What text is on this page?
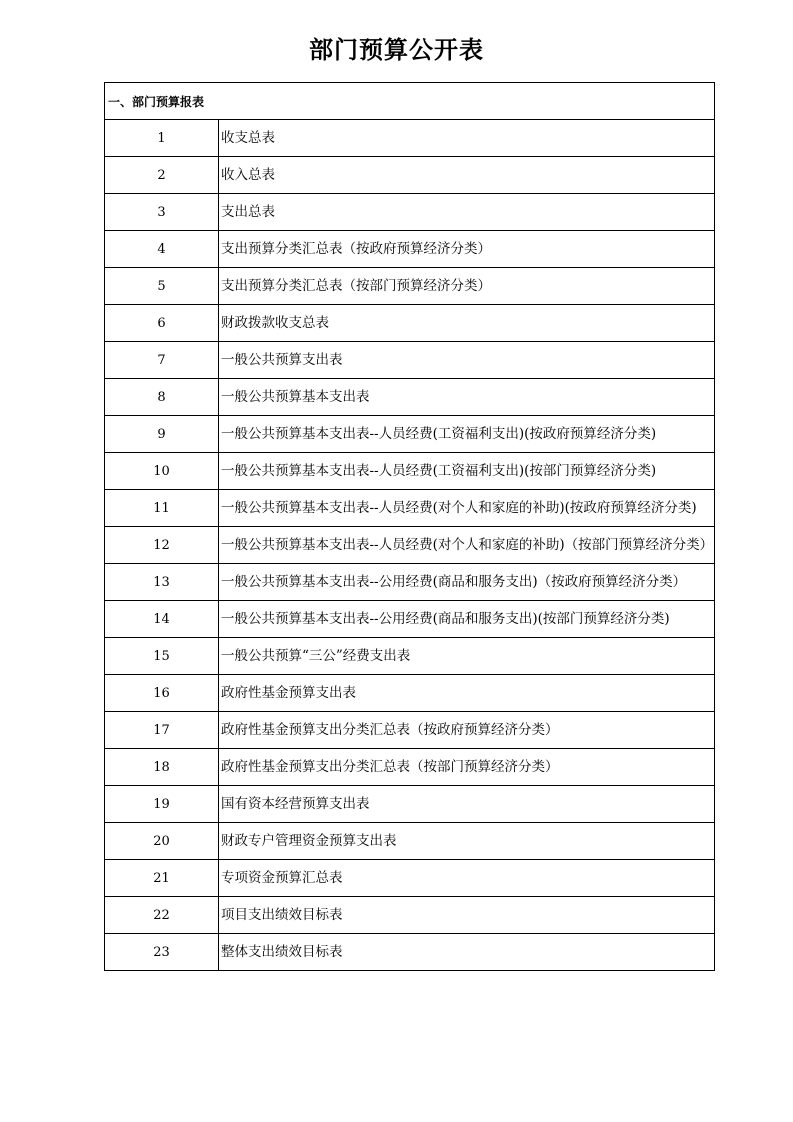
部门预算公开表
一、部门预算报表	
1	收支总表
2	收入总表
3	支出总表
4	支出预算分类汇总表（按政府预算经济分类）
5	支出预算分类汇总表（按部门预算经济分类）
6	财政拨款收支总表
7	一般公共预算支出表
8	一般公共预算基本支出表
9	一般公共预算基本支出表--人员经费(工资福利支出)(按政府预算经济分类)
10	一般公共预算基本支出表--人员经费(工资福利支出)(按部门预算经济分类)
11	一般公共预算基本支出表--人员经费(对个人和家庭的补助)(按政府预算经济分类)
12	一般公共预算基本支出表--人员经费(对个人和家庭的补助)（按部门预算经济分类）
13	一般公共预算基本支出表--公用经费(商品和服务支出)（按政府预算经济分类）
14	一般公共预算基本支出表--公用经费(商品和服务支出)(按部门预算经济分类)
15	一般公共预算“三公”经费支出表
16	政府性基金预算支出表
17	政府性基金预算支出分类汇总表（按政府预算经济分类）
18	政府性基金预算支出分类汇总表（按部门预算经济分类）
19	国有资本经营预算支出表
20	财政专户管理资金预算支出表
21	专项资金预算汇总表
22	项目支出绩效目标表
23	整体支出绩效目标表
